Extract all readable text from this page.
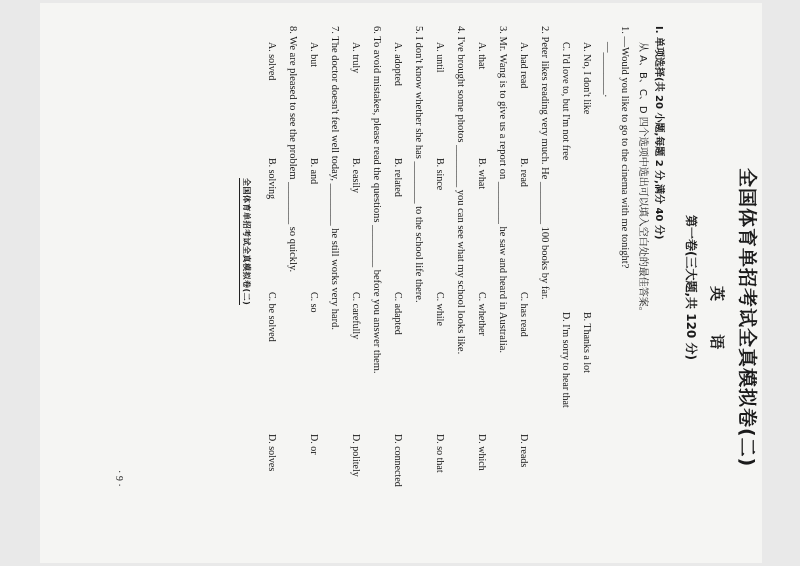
全国体育单招考试全真模拟卷(二)
英 语
第一卷(三大题,共 120 分)
I. 单项选择(共 20 小题,每题 2 分,满分 40 分)
从 A、B、C、D 四个选项中选出可以填入空白处的最佳答案。
1. —Would you like to go to the cinema with me tonight?
—________.
A. No, I don't like
B. Thanks a lot
C. I'd love to, but I'm not free
D. I'm sorry to hear that
2. Peter likes reading very much. He ________ 100 books by far.
A. had read
B. read
C. has read
D. reads
3. Mr. Wang is to give us a report on ________ he saw and heard in Australia.
A. that
B. what
C. whether
D. which
4. I've brought some photos ________ you can see what my school looks like.
A. until
B. since
C. while
D. so that
5. I don't know whether she has ________ to the school life there.
A. adopted
B. related
C. adapted
D. connected
6. To avoid mistakes, please read the questions ________ before you answer them.
A. truly
B. easily
C. carefully
D. politely
7. The doctor doesn't feel well today, ________ he still works very hard.
A. but
B. and
C. so
D. or
8. We are pleased to see the problem ________ so quickly.
A. solved
B. solving
C. be solved
D. solves
全国体育单招考试全真模拟卷(二)
· 9 ·
